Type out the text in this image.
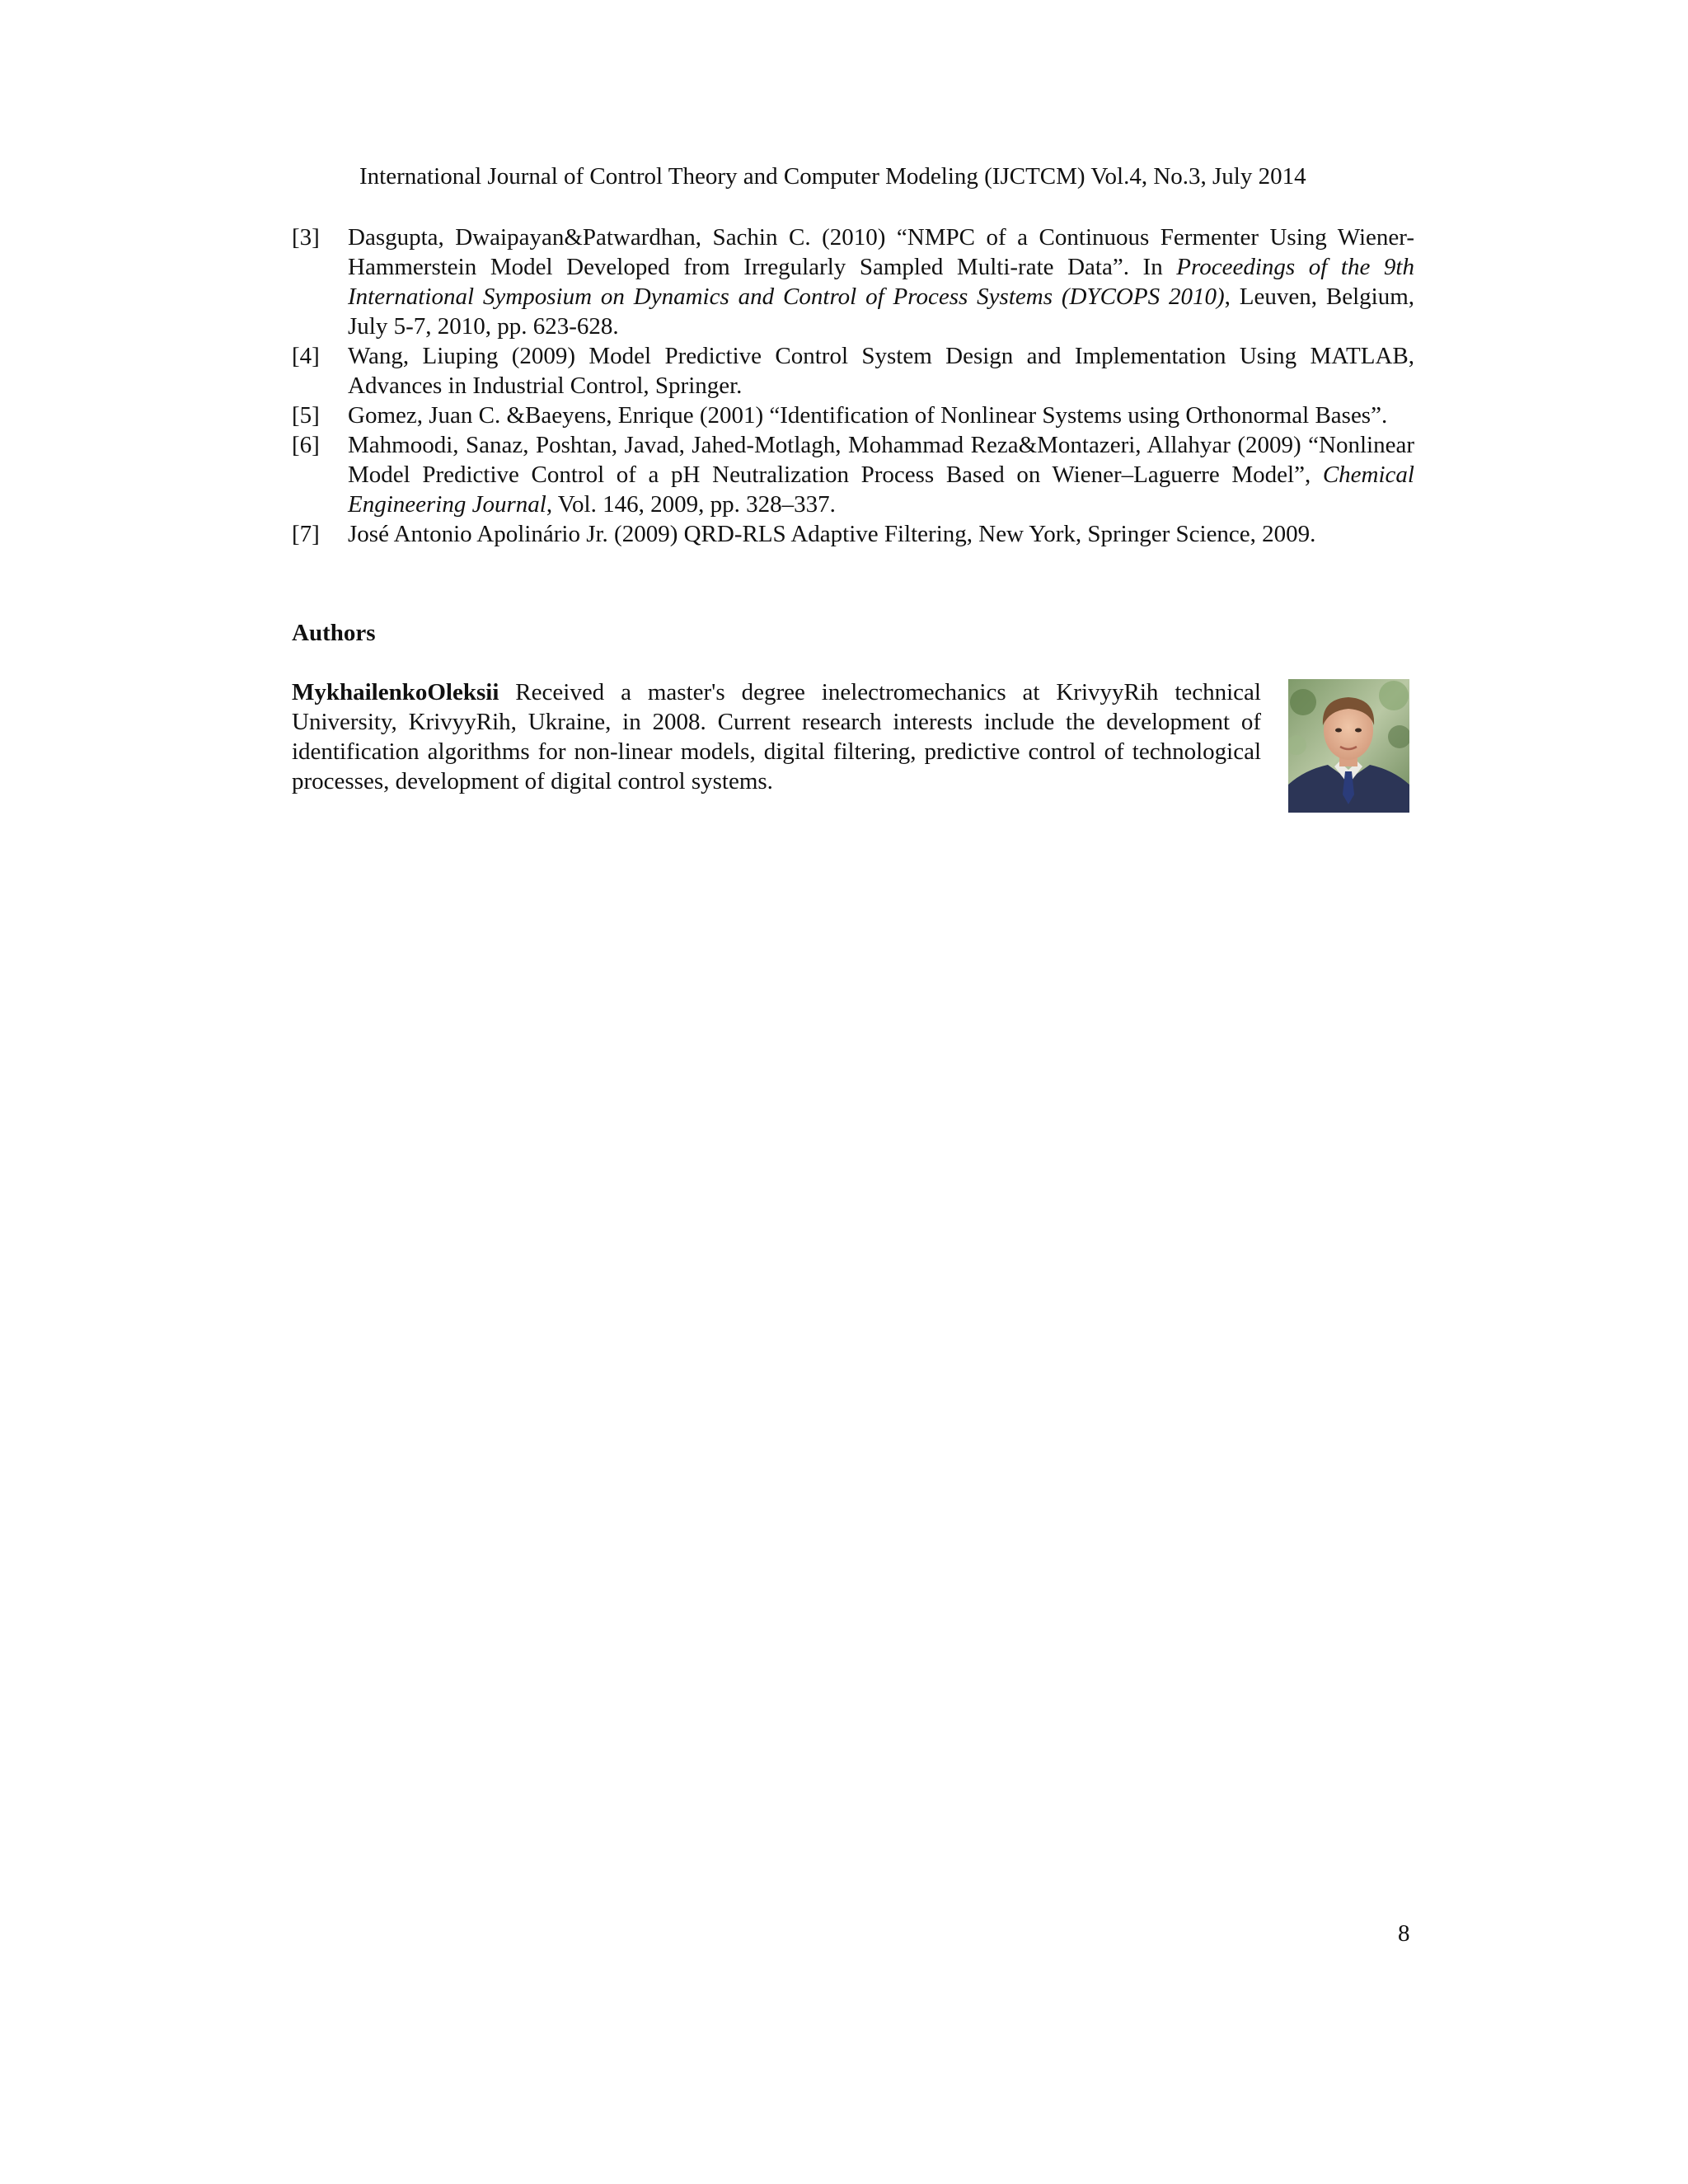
International Journal of Control Theory and Computer Modeling (IJCTCM) Vol.4, No.3, July 2014
[3] Dasgupta, Dwaipayan&Patwardhan, Sachin C. (2010) “NMPC of a Continuous Fermenter Using Wiener-Hammerstein Model Developed from Irregularly Sampled Multi-rate Data”. In Proceedings of the 9th International Symposium on Dynamics and Control of Process Systems (DYCOPS 2010), Leuven, Belgium, July 5-7, 2010, pp. 623-628.
[4] Wang, Liuping (2009) Model Predictive Control System Design and Implementation Using MATLAB, Advances in Industrial Control, Springer.
[5] Gomez, Juan C. &Baeyens, Enrique (2001) “Identification of Nonlinear Systems using Orthonormal Bases”.
[6] Mahmoodi, Sanaz, Poshtan, Javad, Jahed-Motlagh, Mohammad Reza&Montazeri, Allahyar (2009) “Nonlinear Model Predictive Control of a pH Neutralization Process Based on Wiener–Laguerre Model”, Chemical Engineering Journal, Vol. 146, 2009, pp. 328–337.
[7] José Antonio Apolinário Jr. (2009) QRD-RLS Adaptive Filtering, New York, Springer Science, 2009.
Authors
MykhailenkoOleksii Received a master's degree inelectromechanics at KrivyyRih technical University, KrivyyRih, Ukraine, in 2008. Current research interests include the development of identification algorithms for non-linear models, digital filtering, predictive control of technological processes, development of digital control systems.
8
